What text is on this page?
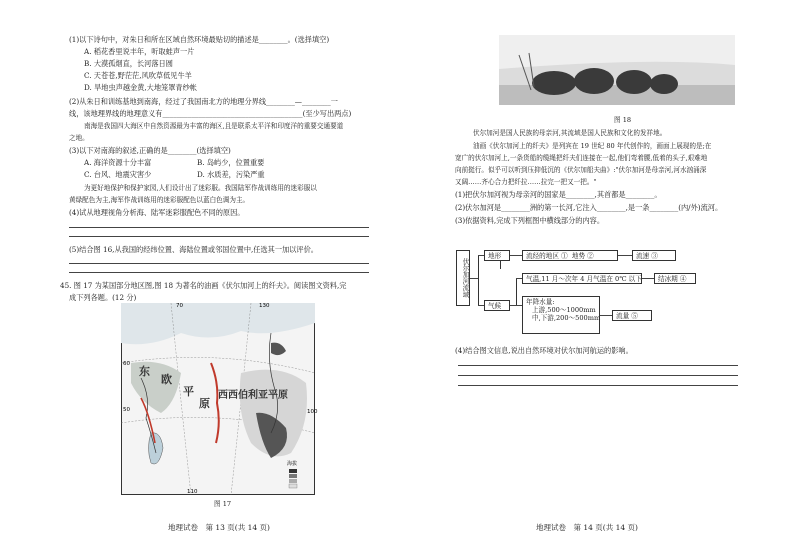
(1)以下诗句中，对朱日和所在区域自然环境最贴切的描述是________。(选择填空)
A. 稻花香里说丰年，听取蛙声一片
B. 大漠孤烟直，长河落日圆
C. 天苍苍,野茫茫,风吹草低见牛羊
D. 旱地虫声越金黄,大地笼罩青纱帐
(2)从朱日和训练基地到南海，经过了我国南北方的地理分界线________—________一
线，该地理界线的地理意义有_______________________________________(至少写出两点)
南海是我国四大海区中自然资源最为丰富的海区,且是联系太平洋和印度洋的重要交通要道
之地。
(3)以下对南海的叙述,正确的是________(选择填空)
A. 海洋资源十分丰富	B. 岛屿少，位置重要
C. 台风、地震灾害少	D. 水质差，污染严重
为更好地保护和保护家园,人们设计出了迷彩服。我国陆军作战训练用的迷彩服以
黄绿配色为主,海军作战训练用的迷彩服配色以蓝白色调为主。
(4)试从地理视角分析海、陆军迷彩服配色不同的原因。
(5)结合图 16,从我国的经纬位置、海陆位置或邻国位置中,任选其一加以评价。
45. 图 17 为某国部分地区图,图 18 为著名的油画《伏尔加河上的纤夫》。阅读图文资料,完
成下列各题。(12 分)
70	130
60
50	100
110
东
欧
平
原
西西伯利亚平原
海拔
图 17
地理试卷　第 13 页(共 14 页)
图 18
伏尔加河是国人民族的母亲河,其流域是国人民族和文化的发祥地。
油画《伏尔加河上的纤夫》是列宾在 19 世纪 80 年代创作的，画面上展现的是;在
宽广的伏尔加河上,一条货船的缆绳把纤夫们连接在一起,他们弯着腰,低着的头子,艰难地
向前挺行。似乎可以听到压抑低沉的《伏尔加船夫曲》:"伏尔加河是母亲河,河水汹涌深
又阔……齐心合力把纤拉……拉完一把又一把。"
(1)把伏尔加河视为母亲河的国家是________,其首都是________。
(2)伏尔加河是________洲的第一长河,它注入________,是一条________(内/外)流河。
(3)依据资料,完成下列框图中横线部分的内容。
伏尔加河流域
地形	流经的地区 ① 地势 ②	流速 ③
气温,11 月～次年 4 月气温在 0℃ 以下	结冰期 ④
气候	年降水量:
上游,500～1000mm
中,下游,200～500mm	流量 ⑤
(4)结合图文信息,说出自然环境对伏尔加河航运的影响。
地理试卷　第 14 页(共 14 页)
